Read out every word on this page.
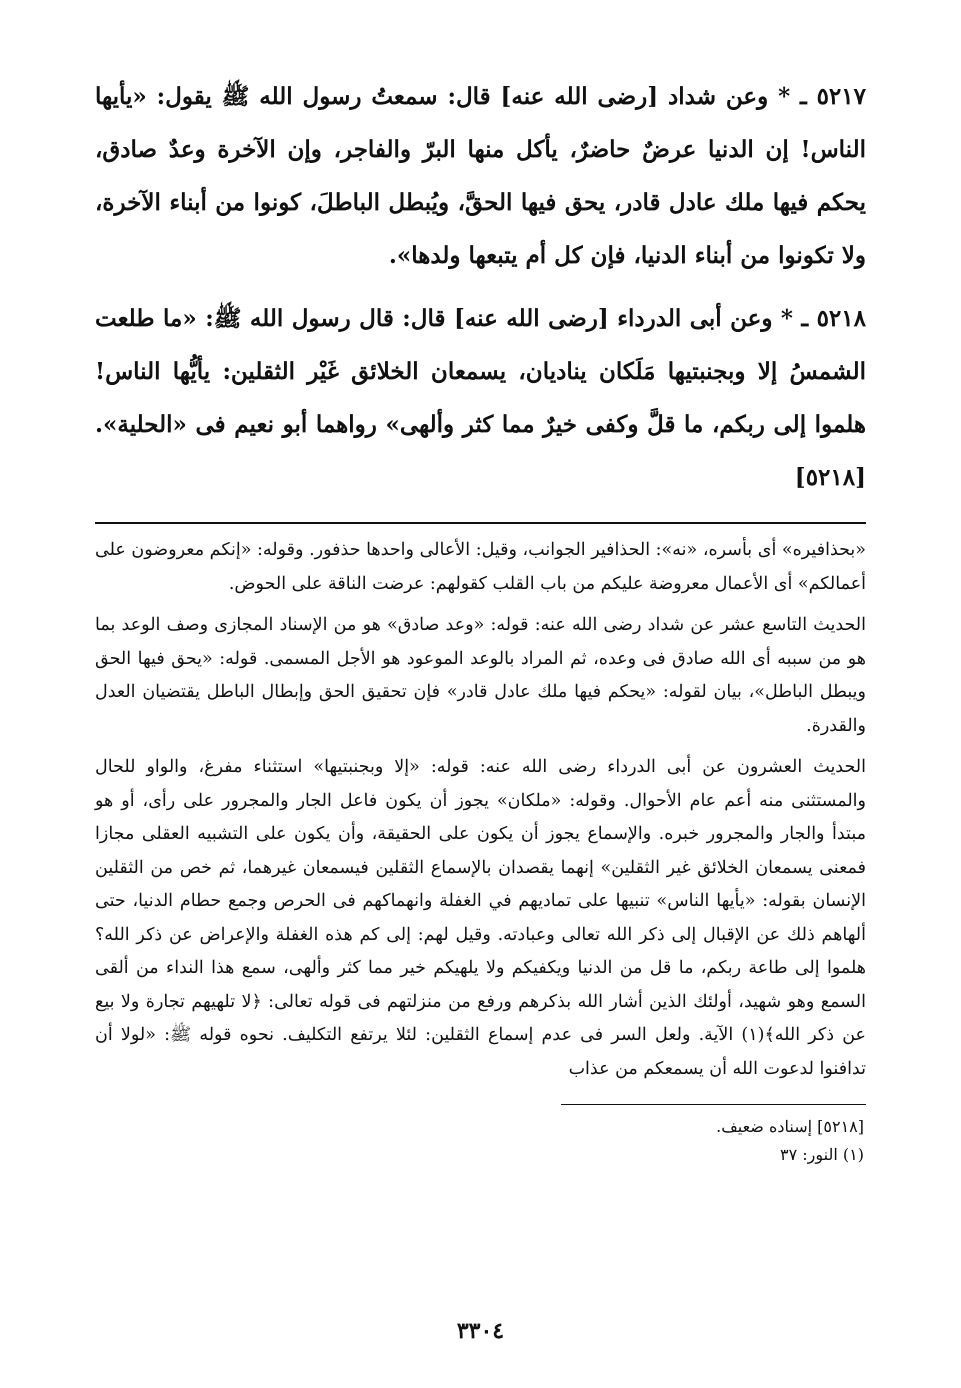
٥٢١٧ ـ * وعن شداد [رضى الله عنه] قال: سمعتُ رسول الله ﷺ يقول: «يأيها الناس! إن الدنيا عرضٌ حاضرٌ، يأكل منها البرّ والفاجر، وإن الآخرة وعدٌ صادق، يحكم فيها ملك عادل قادر، يحق فيها الحقَّ، ويُبطل الباطلَ، كونوا من أبناء الآخرة، ولا تكونوا من أبناء الدنيا، فإن كل أم يتبعها ولدها».

٥٢١٨ ـ * وعن أبى الدرداء [رضى الله عنه] قال: قال رسول الله ﷺ: «ما طلعت الشمسُ إلا وبجنبتيها مَلَكان يناديان، يسمعان الخلائق غَيْر الثقلين: يأيُّها الناس! هلموا إلى ربكم، ما قلَّ وكفى خيرٌ مما كثر وألهى» رواهما أبو نعيم فى «الحلية». [٥٢١٨]

«بحذافيره» أى بأسره، «نه»: الحذافير الجوانب، وقيل: الأعالى واحدها حذفور. وقوله: «إنكم معروضون على أعمالكم» أى الأعمال معروضة عليكم من باب القلب كقولهم: عرضت الناقة على الحوض.

الحديث التاسع عشر عن شداد رضى الله عنه: قوله: «وعد صادق» هو من الإسناد المجازى وصف الوعد بما هو من سببه أى الله صادق فى وعده، ثم المراد بالوعد الموعود هو الأجل المسمى. قوله: «يحق فيها الحق ويبطل الباطل»، بيان لقوله: «يحكم فيها ملك عادل قادر» فإن تحقيق الحق وإبطال الباطل يقتضيان العدل والقدرة.

الحديث العشرون عن أبى الدرداء رضى الله عنه: قوله: «إلا وبجنبتيها» استثناء مفرغ، والواو للحال والمستثنى منه أعم عام الأحوال. وقوله: «ملكان» يجوز أن يكون فاعل الجار والمجرور على رأى، أو هو مبتدأ والجار والمجرور خبره. والإسماع يجوز أن يكون على الحقيقة، وأن يكون على التشبيه العقلى مجازا فمعنى يسمعان الخلائق غير الثقلين» إنهما يقصدان بالإسماع الثقلين فيسمعان غيرهما، ثم خص من الثقلين الإنسان بقوله: «يأيها الناس» تنبيها على تماديهم في الغفلة وانهماكهم فى الحرص وجمع حطام الدنيا، حتى ألهاهم ذلك عن الإقبال إلى ذكر الله تعالى وعبادته. وقيل لهم: إلى كم هذه الغفلة والإعراض عن ذكر الله؟ هلموا إلى طاعة ربكم، ما قل من الدنيا ويكفيكم ولا يلهيكم خير مما كثر وألهى، سمع هذا النداء من ألقى السمع وهو شهيد، أولئك الذين أشار الله بذكرهم ورفع من منزلتهم فى قوله تعالى: ﴿لا تلهيهم تجارة ولا بيع عن ذكر الله﴾(١) الآية. ولعل السر فى عدم إسماع الثقلين: لئلا يرتفع التكليف. نحوه قوله ﷺ: «لولا أن تدافنوا لدعوت الله أن يسمعكم من عذاب

[٥٢١٨] إسناده ضعيف.
(١) النور: ٣٧
٣٣٠٤
